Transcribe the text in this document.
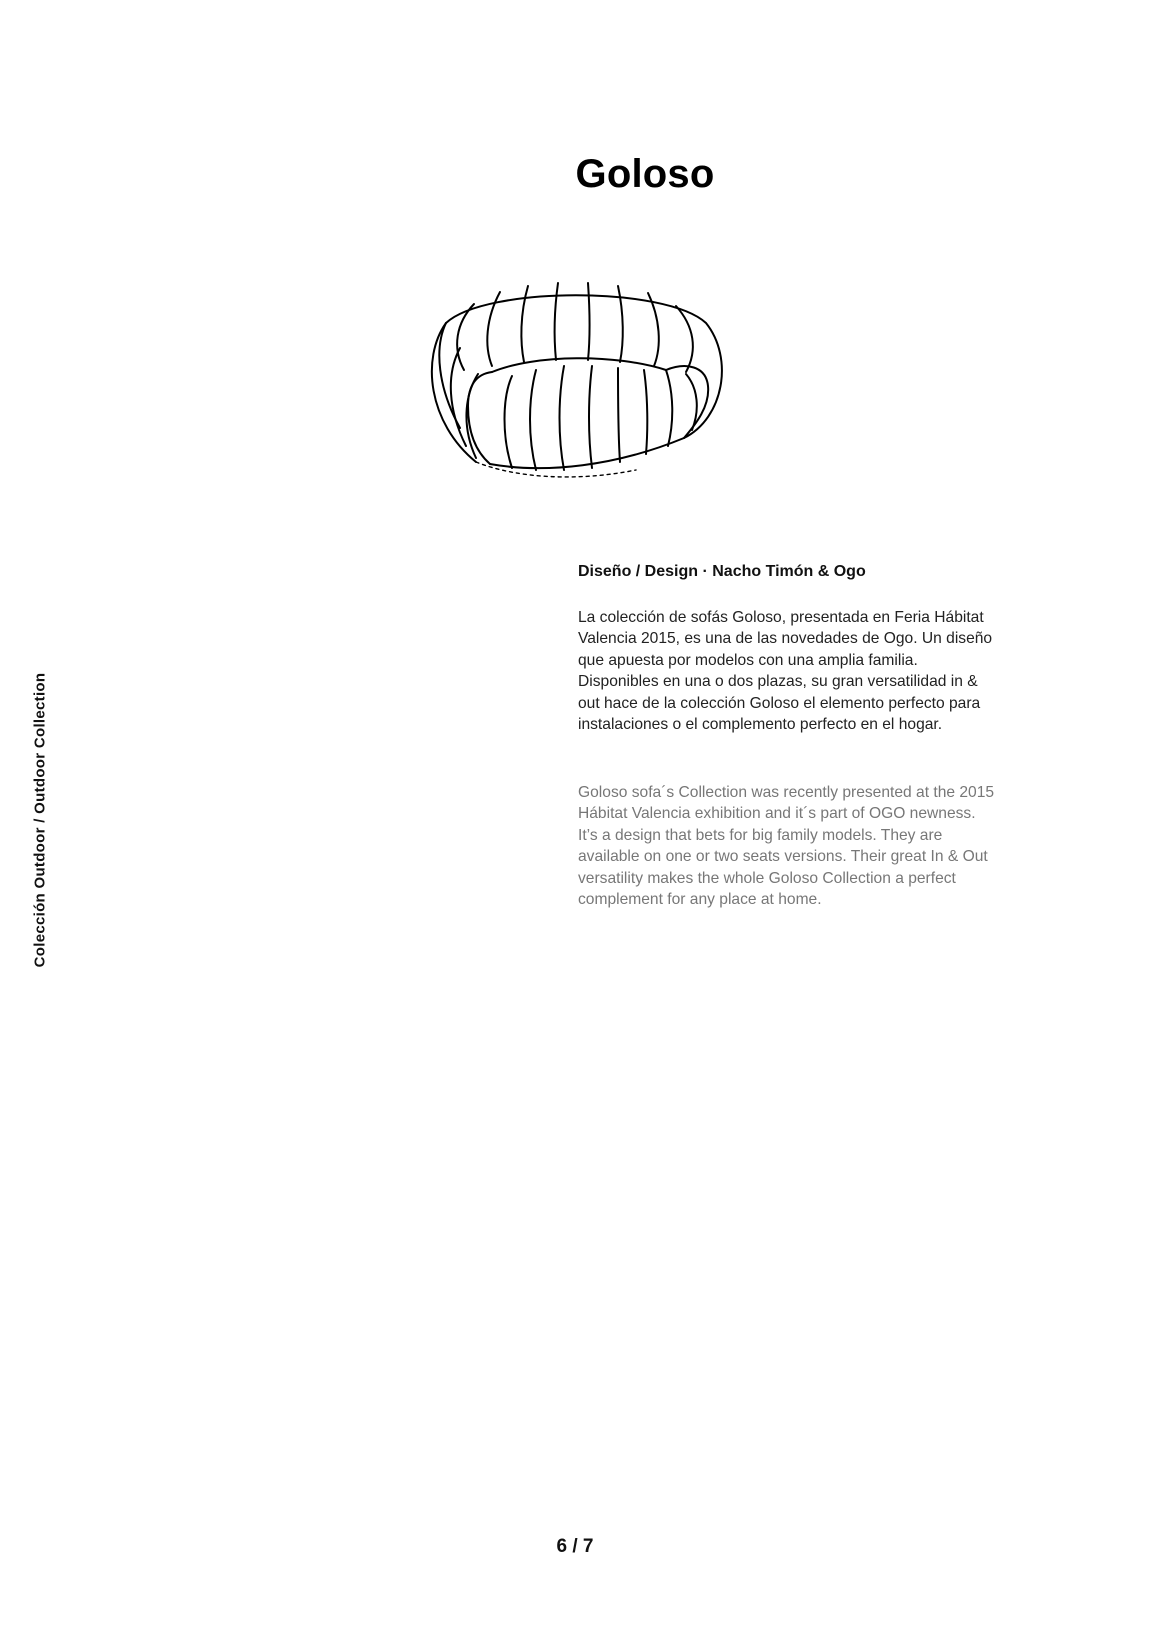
Goloso
Colección Outdoor / Outdoor Collection

Diseño / Design · Nacho Timón & Ogo

La colección de sofás Goloso, presentada en Feria Hábitat Valencia 2015, es una de las novedades de Ogo. Un diseño que apuesta por modelos con una amplia familia. Disponibles en una o dos plazas, su gran versatilidad in & out hace de la colección Goloso el elemento perfecto para instalaciones o el complemento perfecto en el hogar.

Goloso sofa´s Collection was recently presented at the 2015 Hábitat Valencia exhibition and it´s part of OGO newness. It’s a design that bets for big family models. They are available on one or two seats versions. Their great In & Out versatility makes the whole Goloso Collection a perfect complement for any place at home.

6 / 7
